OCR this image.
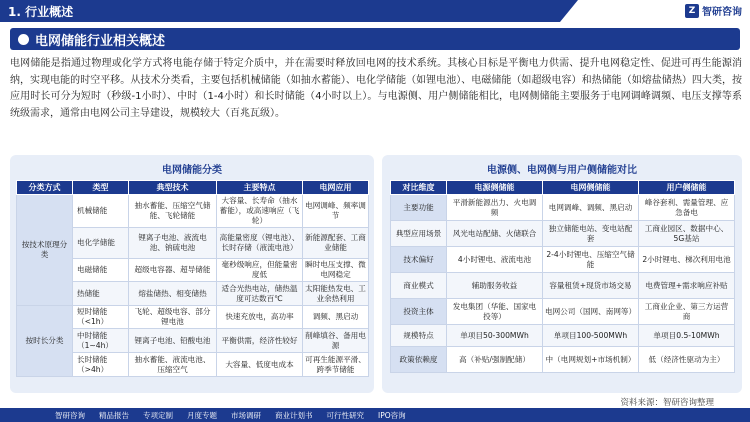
1. 行业概述	Z 智研咨询
电网储能行业相关概述

电网储能是指通过物理或化学方式将电能存储于特定介质中，并在需要时释放回电网的技术系统。其核心目标是平衡电力供需、提升电网稳定性、促进可再生能源消纳，实现电能的时空平移。从技术分类看，主要包括机械储能（如抽水蓄能）、电化学储能（如锂电池）、电磁储能（如超级电容）和热储能（如熔盐储热）四大类，按应用时长可分为短时（秒级-1小时）、中时（1-4小时）和长时储能（4小时以上）。与电源侧、用户侧储能相比，电网侧储能主要服务于电网调峰调频、电压支撑等系统级需求，通常由电网公司主导建设，规模较大（百兆瓦级）。

电网储能分类	电源侧、电网侧与用户侧储能对比
分类方式	类型	典型技术	主要特点	电网应用
按技术原理分类	机械储能	抽水蓄能、压缩空气储能、飞轮储能	大容量、长寿命（抽水蓄能），或高速响应（飞轮）	电网调峰、频率调节
	电化学储能	锂离子电池、液流电池、钠硫电池	高能量密度（锂电池）、长时存储（液流电池）	新能源配套、工商业储能
	电磁储能	超级电容器、超导储能	毫秒级响应，但能量密度低	瞬时电压支撑、微电网稳定
	热储能	熔盐储热、相变储热	适合光热电站，储热温度可达数百℃	太阳能热发电、工业余热利用
按时长分类	短时储能（<1h）	飞轮、超级电容、部分锂电池	快速充放电，高功率	调频、黑启动
	中时储能（1~4h）	锂离子电池、铅酸电池	平衡供需，经济性较好	削峰填谷、备用电源
	长时储能（>4h）	抽水蓄能、液流电池、压缩空气	大容量、低度电成本	可再生能源平滑、跨季节储能
对比维度	电源侧储能	电网侧储能	用户侧储能
主要功能	平滑新能源出力、火电调频	电网调峰、调频、黑启动	峰谷套利、需量管理、应急备电
典型应用场景	风光电站配储、火储联合	独立储能电站、变电站配套	工商业园区、数据中心、5G基站
技术偏好	4小时锂电、液流电池	2-4小时锂电、压缩空气储能	2小时锂电、梯次利用电池
商业模式	辅助服务收益	容量租赁+现货市场交易	电费管理+需求响应补贴
投资主体	发电集团（华能、国家电投等）	电网公司（国网、南网等）	工商业企业、第三方运营商
规模特点	单项目50-300MWh	单项目100-500MWh	单项目0.5-10MWh
政策依赖度	高（补贴/强制配储）	中（电网规划+市场机制）	低（经济性驱动为主）
资料来源：智研咨询整理
智研咨询 精品报告 专项定制 月度专题 市场调研 商业计划书 可行性研究 IPO咨询
